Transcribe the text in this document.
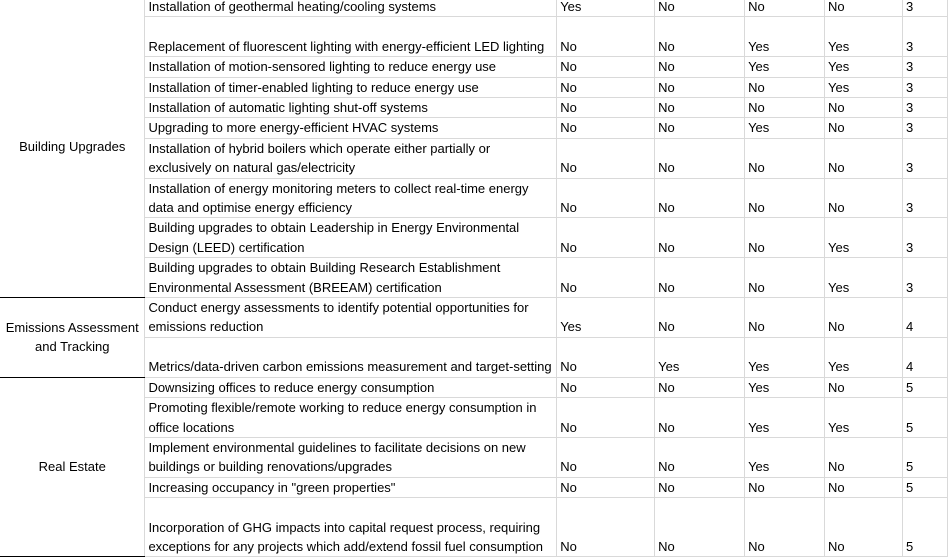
Building Upgrades	Installation of geothermal heating/cooling systems	Yes	No	No	No	3
	Replacement of fluorescent lighting with energy-efficient LED lighting	No	No	Yes	Yes	3
	Installation of motion-sensored lighting to reduce energy use	No	No	Yes	Yes	3
	Installation of timer-enabled lighting to reduce energy use	No	No	No	Yes	3
	Installation of automatic lighting shut-off systems	No	No	No	No	3
	Upgrading to more energy-efficient HVAC systems	No	No	Yes	No	3
	Installation of hybrid boilers which operate either partially or exclusively on natural gas/electricity	No	No	No	No	3
	Installation of energy monitoring meters to collect real-time energy data and optimise energy efficiency	No	No	No	No	3
	Building upgrades to obtain Leadership in Energy Environmental Design (LEED) certification	No	No	No	Yes	3
	Building upgrades to obtain Building Research Establishment Environmental Assessment (BREEAM) certification	No	No	No	Yes	3
Emissions Assessment and Tracking	Conduct energy assessments to identify potential opportunities for emissions reduction	Yes	No	No	No	4
	Metrics/data-driven carbon emissions measurement and target-setting	No	Yes	Yes	Yes	4
Real Estate	Downsizing offices to reduce energy consumption	No	No	Yes	No	5
	Promoting flexible/remote working to reduce energy consumption in office locations	No	No	Yes	Yes	5
	Implement environmental guidelines to facilitate decisions on new buildings or building renovations/upgrades	No	No	Yes	No	5
	Increasing occupancy in "green properties"	No	No	No	No	5
	Incorporation of GHG impacts into capital request process, requiring exceptions for any projects which add/extend fossil fuel consumption	No	No	No	No	5
